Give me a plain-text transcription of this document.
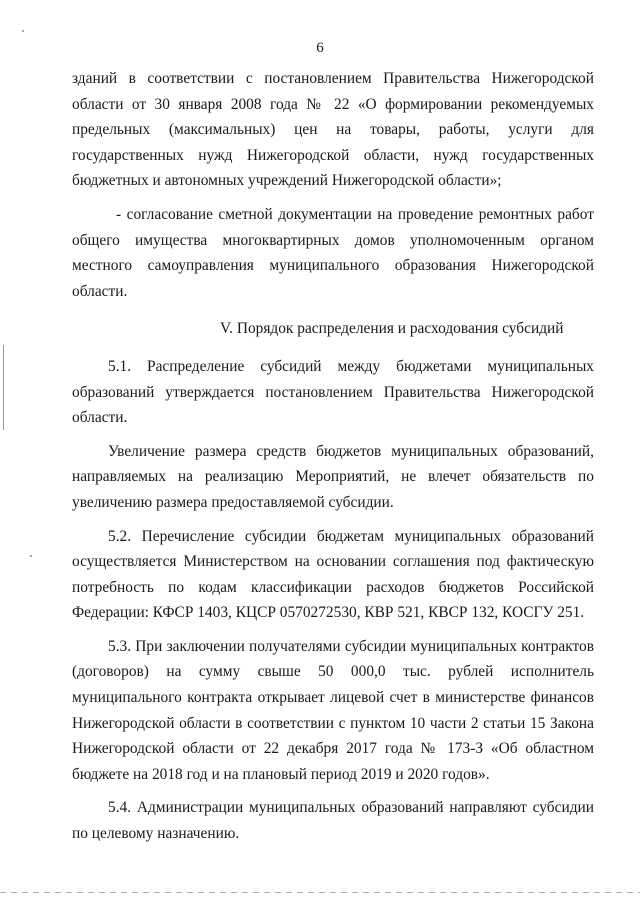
6
зданий в соответствии с постановлением Правительства Нижегородской
области от 30 января 2008 года № 22 «О формировании рекомендуемых
предельных (максимальных) цен на товары, работы, услуги для
государственных нужд Нижегородской области, нужд государственных
бюджетных и автономных учреждений Нижегородской области»;
- согласование сметной документации на проведение ремонтных работ
общего имущества многоквартирных домов уполномоченным органом
местного самоуправления муниципального образования Нижегородской
области.
V. Порядок распределения и расходования субсидий
5.1. Распределение субсидий между бюджетами муниципальных
образований утверждается постановлением Правительства Нижегородской
области.
Увеличение размера средств бюджетов муниципальных образований,
направляемых на реализацию Мероприятий, не влечет обязательств по
увеличению размера предоставляемой субсидии.
5.2. Перечисление субсидии бюджетам муниципальных образований
осуществляется Министерством на основании соглашения под фактическую
потребность по кодам классификации расходов бюджетов Российской
Федерации: КФСР 1403, КЦСР 0570272530, КВР 521, КВСР 132, КОСГУ 251.
5.3. При заключении получателями субсидии муниципальных контрактов
(договоров) на сумму свыше 50 000,0 тыс. рублей исполнитель
муниципального контракта открывает лицевой счет в министерстве финансов
Нижегородской области в соответствии с пунктом 10 части 2 статьи 15 Закона
Нижегородской области от 22 декабря 2017 года № 173-З «Об областном
бюджете на 2018 год и на плановый период 2019 и 2020 годов».
5.4. Администрации муниципальных образований направляют субсидии
по целевому назначению.
